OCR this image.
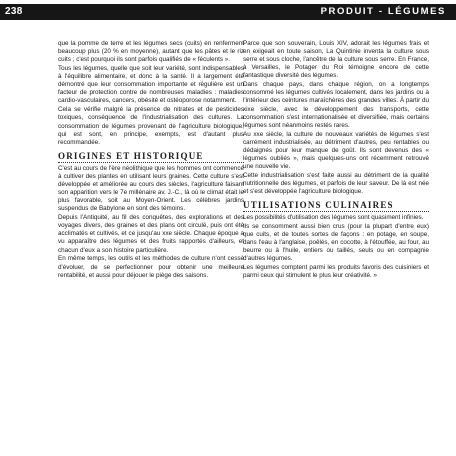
238	PRODUIT - LÉGUMES

que la pomme de terre et les légumes secs (cuits) en renferment beaucoup plus (20 % en moyenne), autant que les pâtes et le riz cuits ; c'est pourquoi ils sont parfois qualifiés de « féculents ».

Tous les légumes, quelle que soit leur variété, sont indispensables à l'équilibre alimentaire, et donc à la santé. Il a largement été démontré que leur consommation importante et régulière est un facteur de protection contre de nombreuses maladies : maladies cardio-vasculaires, cancers, obésité et ostéoporose notamment.

Cela se vérifie malgré la présence de nitrates et de pesticides toxiques, conséquence de l'industrialisation des cultures. La consommation de légumes provenant de l'agriculture biologique, qui est sont, en principe, exempts, est d'autant plus recommandée.

ORIGINES ET HISTORIQUE

C'est au cours de l'ère néolithique que les hommes ont commencé à cultiver des plantes en utilisant leurs graines. Cette culture s'est développée et améliorée au cours des siècles, l'agriculture faisant son apparition vers le 7e millénaire av. J.-C., là où le climat était le plus favorable, soit au Moyen-Orient. Les célèbres jardins suspendus de Babylone en sont des témoins.

Depuis l'Antiquité, au fil des conquêtes, des explorations et des voyages divers, des graines et des plans ont circulé, puis ont été acclimatés et cultivés, et ce jusqu'au xxe siècle. Chaque époque a vu apparaître des légumes et des fruits rapportés d'ailleurs, et chacun d'eux a son histoire particulière.

En même temps, les outils et les méthodes de culture n'ont cessé d'évoluer, de se perfectionner pour obtenir une meilleure rentabilité, et aussi pour déjouer le piège des saisons.

Parce que son souverain, Louis XIV, adorait les légumes frais et en exigeait en toute saison, La Quintinie inventa la culture sous serre et sous cloche, l'ancêtre de la culture sous serre. En France, à Versailles, le Potager du Roi témoigne encore de cette fantastique diversité des légumes.

Dans chaque pays, dans chaque région, on a longtemps consommé les légumes cultivés localement, dans les jardins ou à l'intérieur des ceintures maraîchères des grandes villes. À partir du xixe siècle, avec le développement des transports, cette consommation s'est internationalisée et diversifiée, mais certains légumes sont néanmoins restés rares.

Au xxe siècle, la culture de nouveaux variétés de légumes s'est carrément industrialisée, au détriment d'autres, peu rentables ou dédaignés pour leur manque de goût. Ils sont devenus des « légumes oubliés », mais quelques-uns ont récemment retrouvé une nouvelle vie.

Cette industrialisation s'est faite aussi au détriment de la qualité nutritionnelle des légumes, et parfois de leur saveur. De là est née et s'est développée l'agriculture biologique.

UTILISATIONS CULINAIRES

Les possibilités d'utilisation des légumes sont quasiment infinies.

Ils se consomment aussi bien crus (pour la plupart d'entre eux) que cuits, et de toutes sortes de façons : en potage, en soupe, dans l'eau à l'anglaise, poêlés, en cocotte, à l'étouffée, au four, au beurre ou à l'huile, entiers ou taillés, seuls ou en compagnie d'autres légumes.

Les légumes comptent parmi les produits favoris des cuisiniers et parmi ceux qui stimulent le plus leur créativité. »
